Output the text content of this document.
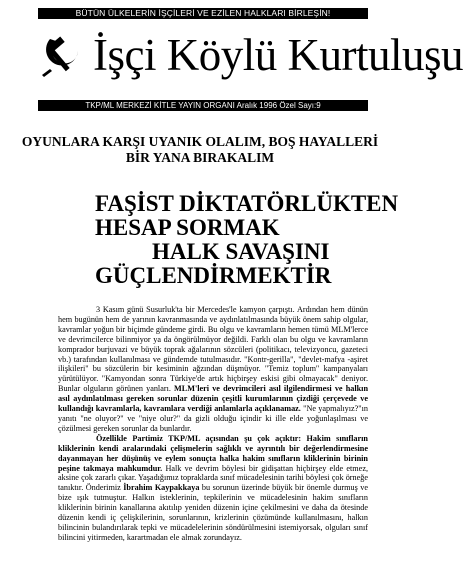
BÜTÜN ÜLKELERİN İŞÇİLERİ VE EZİLEN HALKLARI BİRLEŞİN!
İşçi Köylü Kurtuluşu
TKP/ML MERKEZİ KİTLE YAYIN ORGANI Aralık 1996 Özel Sayı:9
OYUNLARA KARŞI UYANIK OLALIM, BOŞ HAYALLERİ
BİR YANA BIRAKALIM
FAŞİST DİKTATÖRLÜKTEN
HESAP SORMAK
HALK SAVAŞINI
GÜÇLENDİRMEKTİR

3 Kasım günü Susurluk'ta bir Mercedes'le kamyon çarpıştı. Ardından hem dünün hem bugünün hem de yarının kavranmasında ve aydınlatılmasında büyük önem sahip olgular, kavramlar yoğun bir biçimde gündeme girdi. Bu olgu ve kavramların hemen tümü MLM'lerce ve devrimcilerce bilinmiyor ya da öngörülmüyor değildi. Farklı olan bu olgu ve kavramların komprador burjuvazi ve büyük toprak ağalarının sözcüleri (politikacı, televizyoncu, gazeteci vb.) tarafından kullanılması ve gündemde tutulmasıdır. "Kontr-gerilla", "devlet-mafya -aşiret ilişkileri" bu sözcülerin bir kesiminin ağzından düşmüyor. "Temiz toplum" kampanyaları yürütülüyor. "Kamyondan sonra Türkiye'de artık hiçbirşey eskisi gibi olmayacak" deniyor. Bunlar olguların görünen yanları. MLM'leri ve devrimcileri asıl ilgilendirmesi ve halkın asıl aydınlatılması gereken sorunlar düzenin çeşitli kurumlarının çizdiği çerçevede ve kullandığı kavramlarla, kavramlara verdiği anlamlarla açıklanamaz. "Ne yapmalıyız?"ın yanıtı "ne oluyor?" ve "niye olur?" da gizli olduğu içindir ki ille elde yoğunlaşılması ve çözülmesi gereken sorunlar da bunlardır.

Özellikle Partimiz TKP/ML açısından şu çok açıktır: Hakim sınıfların kliklerinin kendi aralarındaki çelişmelerin sağlıklı ve ayrıntılı bir değerlendirmesine dayanmayan her düşünüş ve eylem sonuçta halka hakim sınıfların kliklerinin birinin peşine takmaya mahkumdur. Halk ve devrim böylesi bir gidişattan hiçbirşey elde etmez, aksine çok zararlı çıkar. Yaşadığımız topraklarda sınıf mücadelesinin tarihi böylesi çok örneğe tanıktır. Önderimiz İbrahim Kaypakkaya bu sorunun üzerinde büyük bir önemle durmuş ve bize ışık tutmuştur. Halkın isteklerinin, tepkilerinin ve mücadelesinin hakim sınıfların kliklerinin birinin kanallarına akıtılıp yeniden düzenin içine çekilmesini ve daha da ötesinde düzenin kendi iç çelişkilerinin, sorunlarının, krizlerinin çözümünde kullanılmasını, halkın bilincinin bulandırılarak tepki ve mücadelelerinin söndürülmesini istemiyorsak, olguları sınıf bilincini yitirmeden, karartmadan ele almak zorundayız.
